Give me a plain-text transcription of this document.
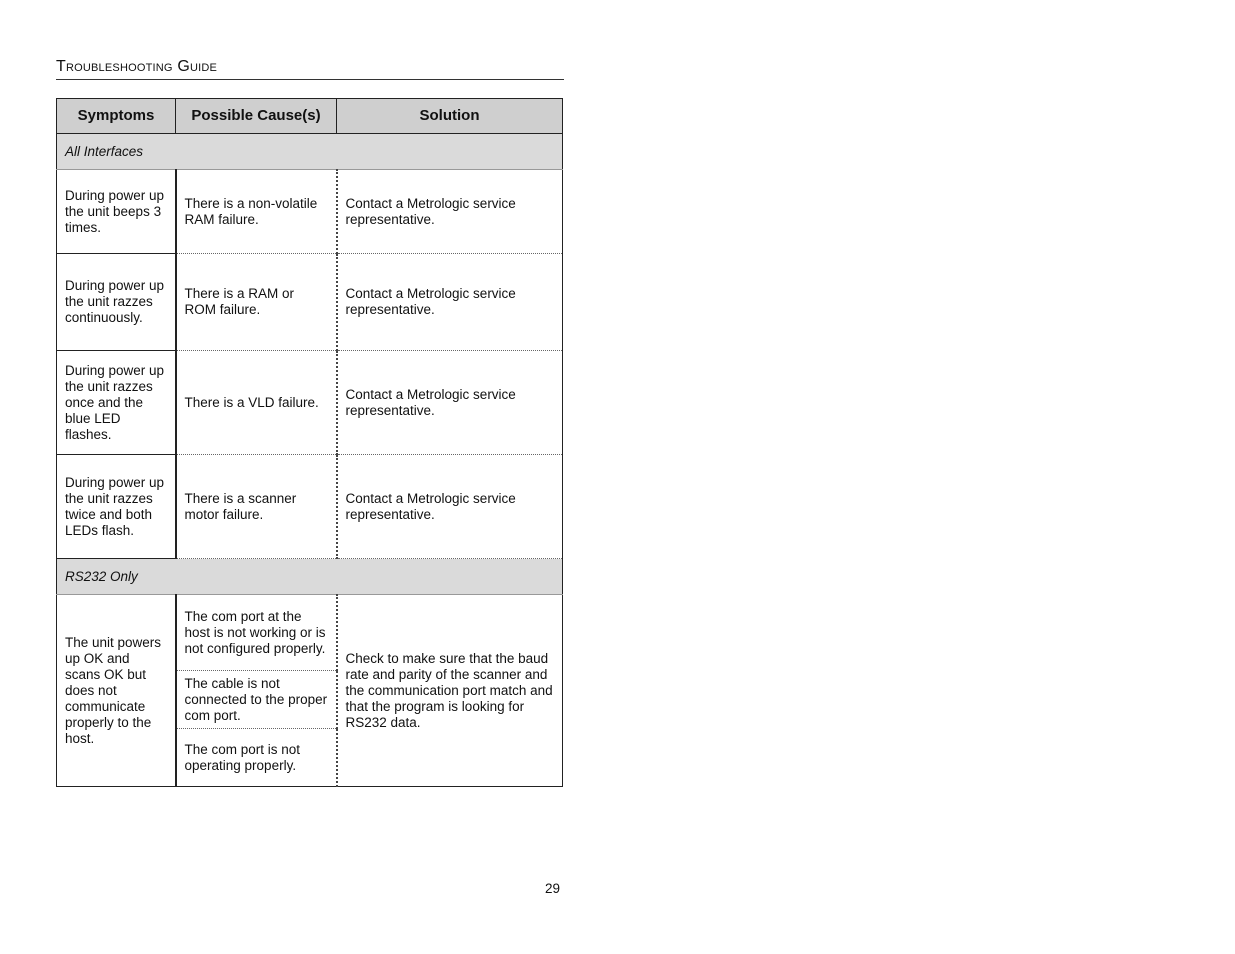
Troubleshooting Guide
Symptoms	Possible Cause(s)	Solution
All Interfaces		
During power up the unit beeps 3 times.	There is a non-volatile RAM failure.	Contact a Metrologic service representative.
During power up the unit razzes continuously.	There is a RAM or ROM failure.	Contact a Metrologic service representative.
During power up the unit razzes once and the blue LED flashes.	There is a VLD failure.	Contact a Metrologic service representative.
During power up the unit razzes twice and both LEDs flash.	There is a scanner motor failure.	Contact a Metrologic service representative.
RS232 Only		
The unit powers up OK and scans OK but does not communicate properly to the host.	The com port at the host is not working or is not configured properly.	Check to make sure that the baud rate and parity of the scanner and the communication port match and that the program is looking for RS232 data.
	The cable is not connected to the proper com port.	
	The com port is not operating properly.	
29
